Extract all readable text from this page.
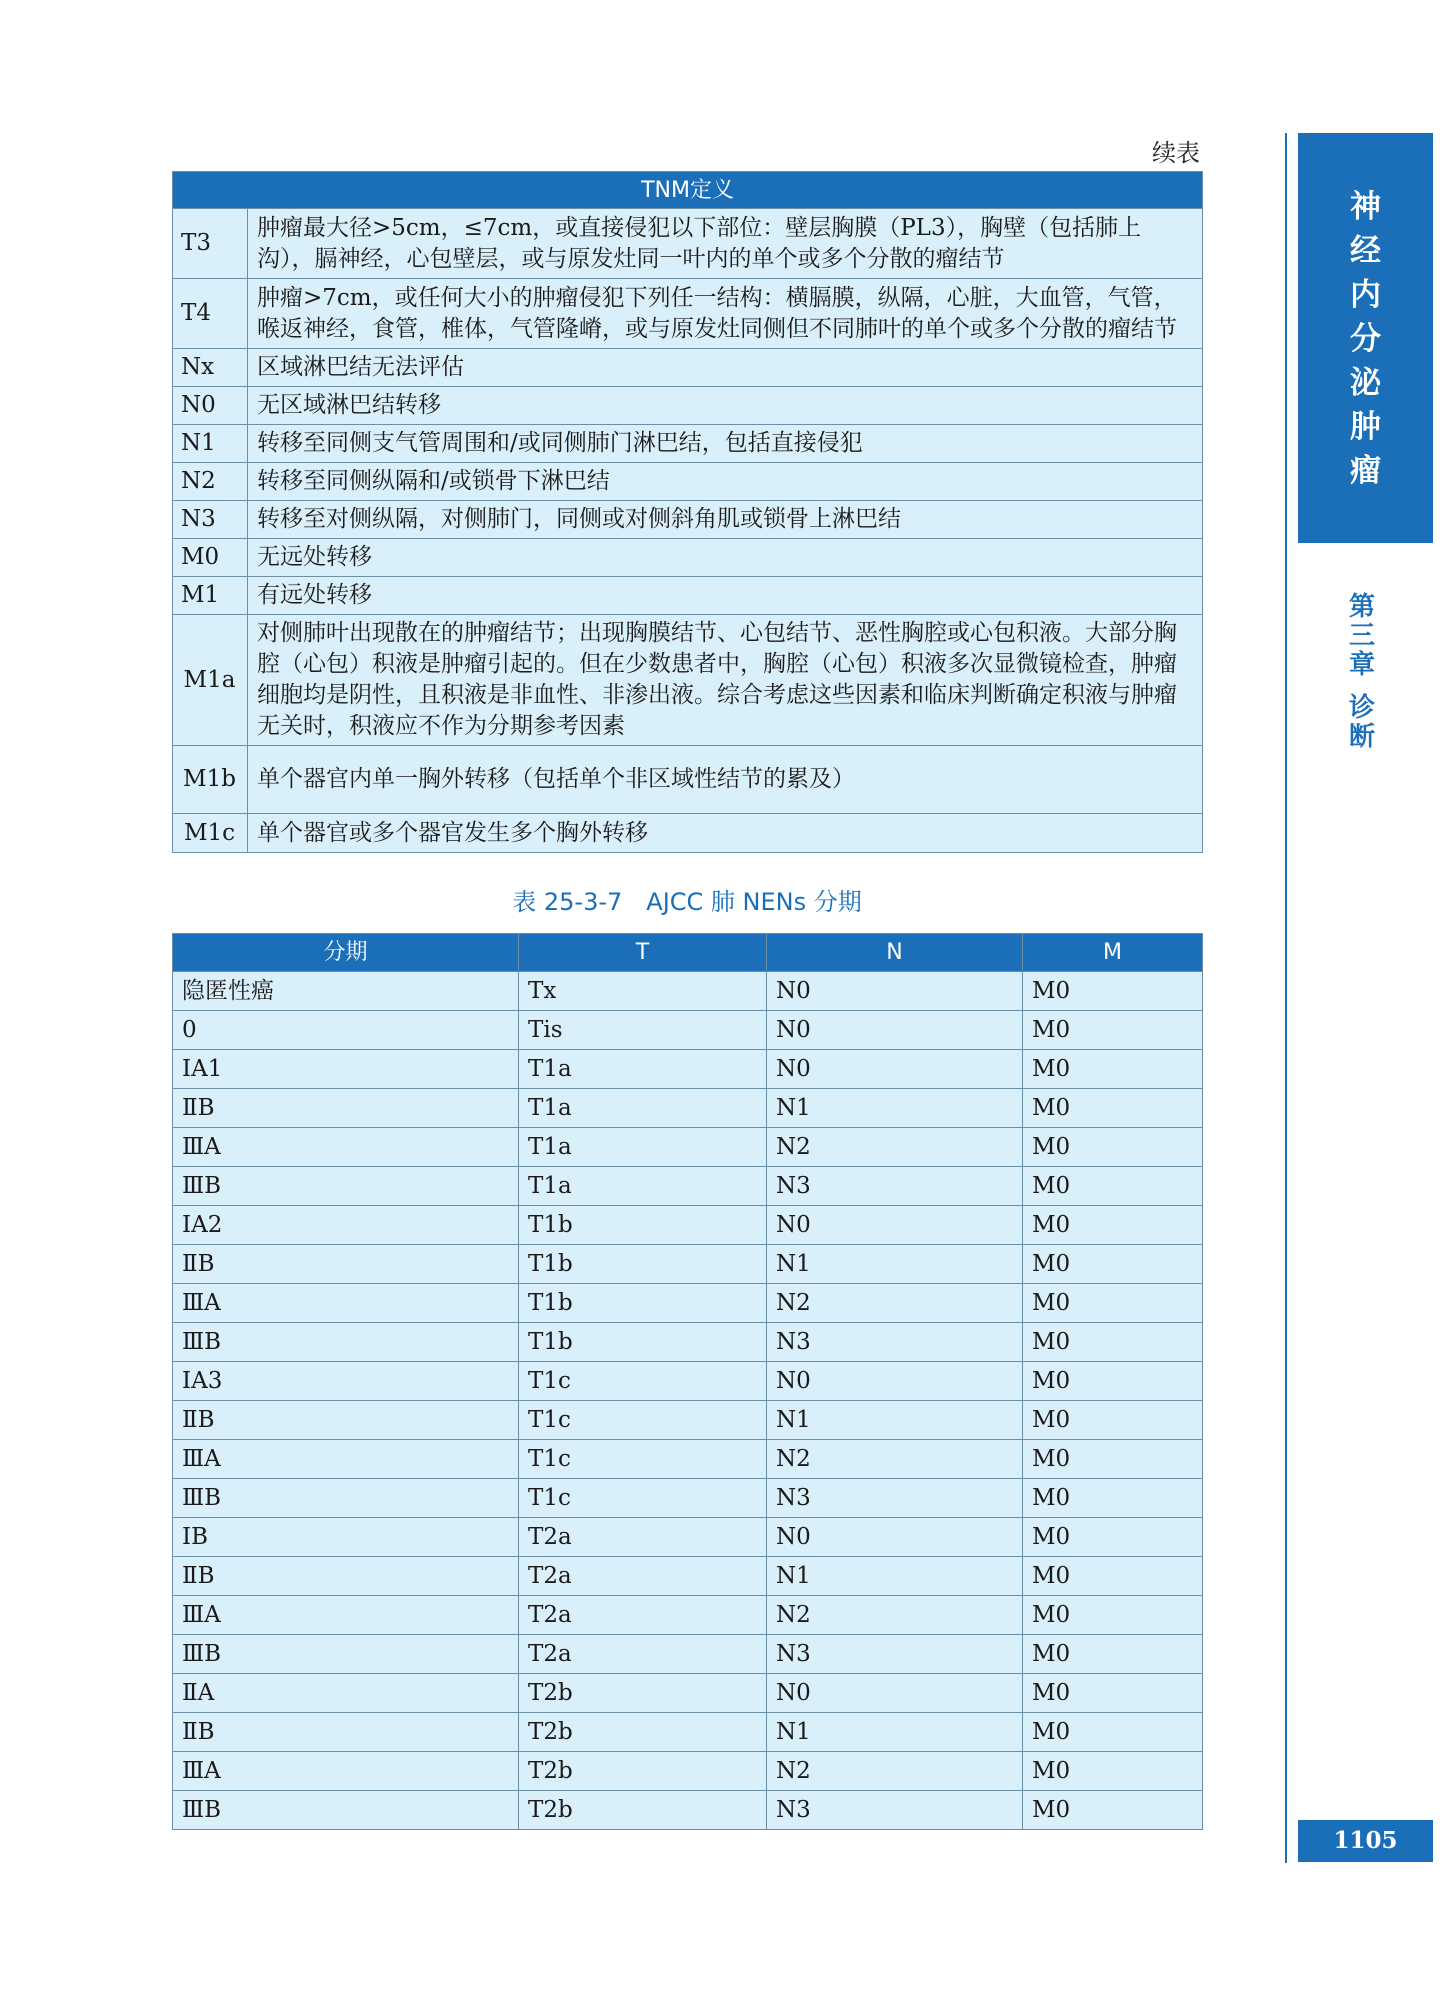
续表
TNM定义	
T3	肿瘤最大径>5cm，≤7cm，或直接侵犯以下部位：壁层胸膜（PL3），胸壁（包括肺上沟），膈神经，心包壁层，或与原发灶同一叶内的单个或多个分散的瘤结节
T4	肿瘤>7cm，或任何大小的肿瘤侵犯下列任一结构：横膈膜，纵隔，心脏，大血管，气管，喉返神经，食管，椎体，气管隆嵴，或与原发灶同侧但不同肺叶的单个或多个分散的瘤结节
Nx	区域淋巴结无法评估
N0	无区域淋巴结转移
N1	转移至同侧支气管周围和/或同侧肺门淋巴结，包括直接侵犯
N2	转移至同侧纵隔和/或锁骨下淋巴结
N3	转移至对侧纵隔，对侧肺门，同侧或对侧斜角肌或锁骨上淋巴结
M0	无远处转移
M1	有远处转移
M1a	对侧肺叶出现散在的肿瘤结节；出现胸膜结节、心包结节、恶性胸腔或心包积液。大部分胸腔（心包）积液是肿瘤引起的。但在少数患者中，胸腔（心包）积液多次显微镜检查，肿瘤细胞均是阴性，且积液是非血性、非渗出液。综合考虑这些因素和临床判断确定积液与肿瘤无关时，积液应不作为分期参考因素
M1b	单个器官内单一胸外转移（包括单个非区域性结节的累及）
M1c	单个器官或多个器官发生多个胸外转移
表 25-3-7　AJCC 肺 NENs 分期
分期	T	N	M
隐匿性癌	Tx	N0	M0
0	Tis	N0	M0
ⅠA1	T1a	N0	M0
ⅡB	T1a	N1	M0
ⅢA	T1a	N2	M0
ⅢB	T1a	N3	M0
ⅠA2	T1b	N0	M0
ⅡB	T1b	N1	M0
ⅢA	T1b	N2	M0
ⅢB	T1b	N3	M0
ⅠA3	T1c	N0	M0
ⅡB	T1c	N1	M0
ⅢA	T1c	N2	M0
ⅢB	T1c	N3	M0
ⅠB	T2a	N0	M0
ⅡB	T2a	N1	M0
ⅢA	T2a	N2	M0
ⅢB	T2a	N3	M0
ⅡA	T2b	N0	M0
ⅡB	T2b	N1	M0
ⅢA	T2b	N2	M0
ⅢB	T2b	N3	M0
神经内分泌肿瘤
第三章
诊断
1105
